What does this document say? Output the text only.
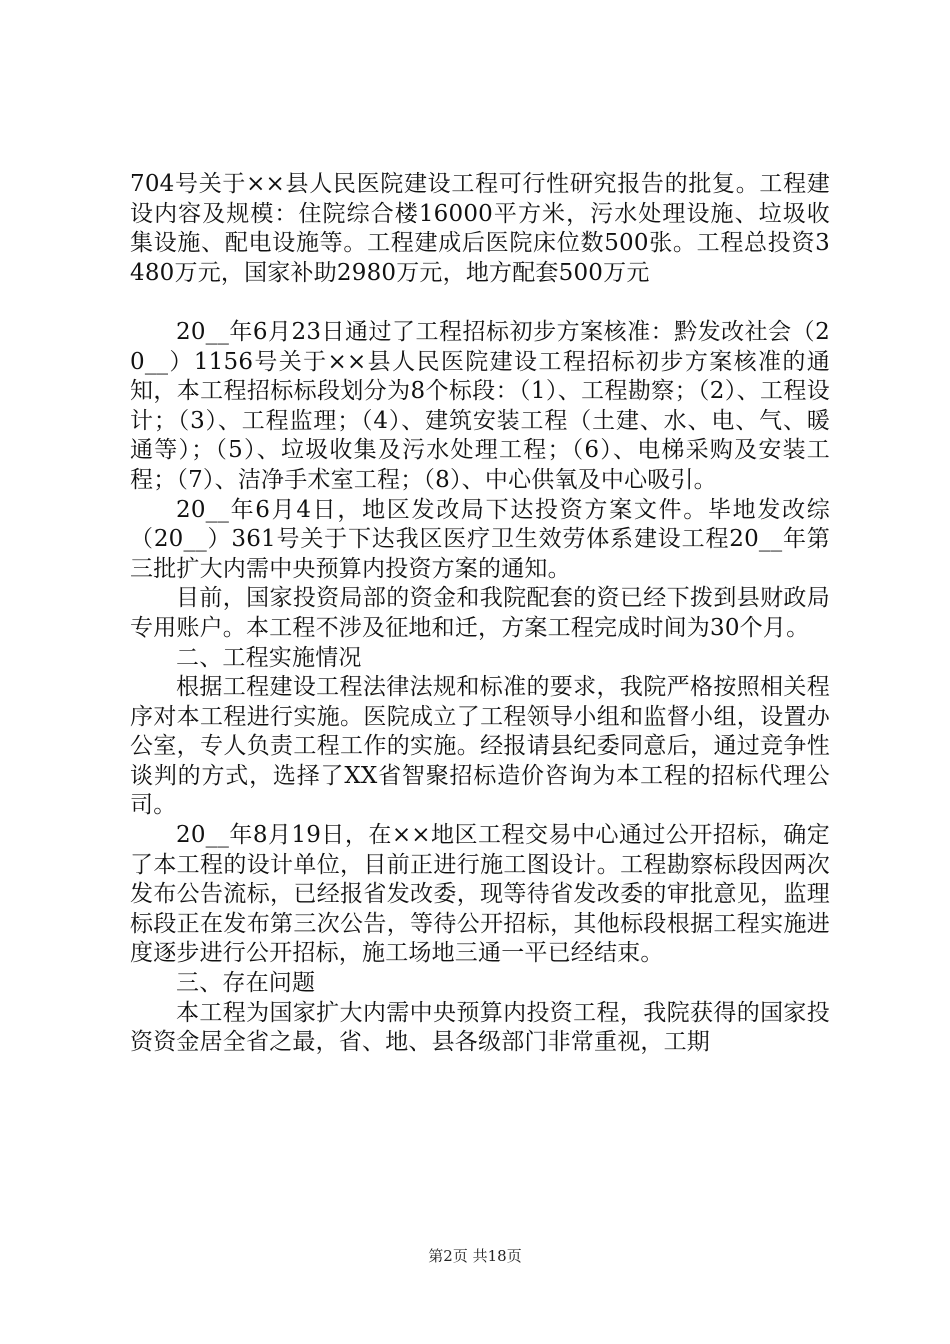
704号关于××县人民医院建设工程可行性研究报告的批复。工程建设内容及规模：住院综合楼16000平方米，污水处理设施、垃圾收集设施、配电设施等。工程建成后医院床位数500张。工程总投资3480万元，国家补助2980万元，地方配套500万元

20__年6月23日通过了工程招标初步方案核准：黔发改社会（20__）1156号关于××县人民医院建设工程招标初步方案核准的通知，本工程招标标段划分为8个标段：（1）、工程勘察；（2）、工程设计；（3）、工程监理；（4）、建筑安装工程（土建、水、电、气、暖通等）；（5）、垃圾收集及污水处理工程；（6）、电梯采购及安装工程；（7）、洁净手术室工程；（8）、中心供氧及中心吸引。

20__年6月4日，地区发改局下达投资方案文件。毕地发改综（20__）361号关于下达我区医疗卫生效劳体系建设工程20__年第三批扩大内需中央预算内投资方案的通知。

目前，国家投资局部的资金和我院配套的资已经下拨到县财政局专用账户。本工程不涉及征地和迁，方案工程完成时间为30个月。

二、工程实施情况

根据工程建设工程法律法规和标准的要求，我院严格按照相关程序对本工程进行实施。医院成立了工程领导小组和监督小组，设置办公室，专人负责工程工作的实施。经报请县纪委同意后，通过竞争性谈判的方式，选择了XX省智聚招标造价咨询为本工程的招标代理公司。

20__年8月19日，在××地区工程交易中心通过公开招标，确定了本工程的设计单位，目前正进行施工图设计。工程勘察标段因两次发布公告流标，已经报省发改委，现等待省发改委的审批意见，监理标段正在发布第三次公告，等待公开招标，其他标段根据工程实施进度逐步进行公开招标，施工场地三通一平已经结束。

三、存在问题

本工程为国家扩大内需中央预算内投资工程，我院获得的国家投资资金居全省之最，省、地、县各级部门非常重视，工期

第2页 共18页
